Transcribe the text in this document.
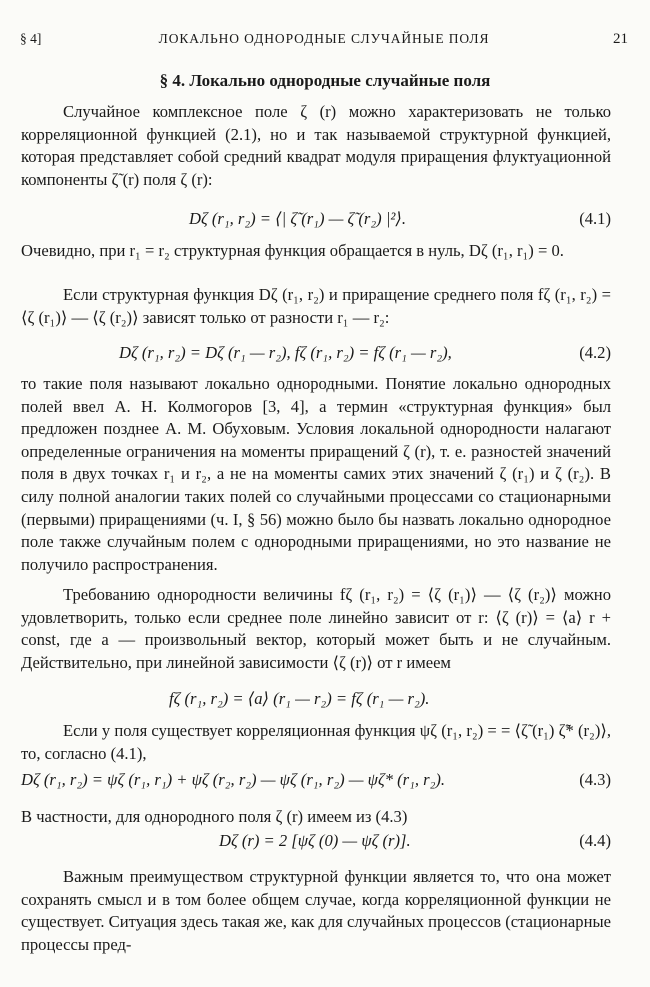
§ 4]	ЛОКАЛЬНО ОДНОРОДНЫЕ СЛУЧАЙНЫЕ ПОЛЯ	21
§ 4. Локально однородные случайные поля

Случайное комплексное поле ζ (r) можно характеризовать не только корреляционной функцией (2.1), но и так называемой структурной функцией, которая представляет собой средний квадрат модуля приращения флуктуационной компоненты ζ̃ (r) поля ζ (r):

Dζ (r₁, r₂) = ⟨| ζ̃ (r₁) — ζ̃ (r₂) |²⟩.	(4.1)

Очевидно, при r₁ = r₂ структурная функция обращается в нуль, Dζ (r₁, r₁) = 0.

Если структурная функция Dζ (r₁, r₂) и приращение среднего поля fζ (r₁, r₂) = ⟨ζ (r₁)⟩ — ⟨ζ (r₂)⟩ зависят только от разности r₁ — r₂:

Dζ (r₁, r₂) = Dζ (r₁ — r₂), fζ (r₁, r₂) = fζ (r₁ — r₂),	(4.2)

то такие поля называют локально однородными. Понятие локально однородных полей ввел А. Н. Колмогоров [3, 4], а термин «структурная функция» был предложен позднее А. М. Обуховым. Условия локальной однородности налагают определенные ограничения на моменты приращений ζ (r), т. е. разностей значений поля в двух точках r₁ и r₂, а не на моменты самих этих значений ζ (r₁) и ζ (r₂). В силу полной аналогии таких полей со случайными процессами со стационарными (первыми) приращениями (ч. I, § 56) можно было бы назвать локально однородное поле также случайным полем с однородными приращениями, но это название не получило распространения.

Требованию однородности величины fζ (r₁, r₂) = ⟨ζ (r₁)⟩ — ⟨ζ (r₂)⟩ можно удовлетворить, только если среднее поле линейно зависит от r: ⟨ζ (r)⟩ = ⟨a⟩ r + const, где a — произвольный вектор, который может быть и не случайным. Действительно, при линейной зависимости ⟨ζ (r)⟩ от r имеем

fζ (r₁, r₂) = ⟨a⟩ (r₁ — r₂) = fζ (r₁ — r₂).

Если у поля существует корреляционная функция ψζ (r₁, r₂) = = ⟨ζ̃ (r₁) ζ̃* (r₂)⟩, то, согласно (4.1),

Dζ (r₁, r₂) = ψζ (r₁, r₁) + ψζ (r₂, r₂) — ψζ (r₁, r₂) — ψζ* (r₁, r₂).	(4.3)

В частности, для однородного поля ζ (r) имеем из (4.3)

Dζ (r) = 2 [ψζ (0) — ψζ (r)].	(4.4)

Важным преимуществом структурной функции является то, что она может сохранять смысл и в том более общем случае, когда корреляционной функции не существует. Ситуация здесь такая же, как для случайных процессов (стационарные процессы пред-
